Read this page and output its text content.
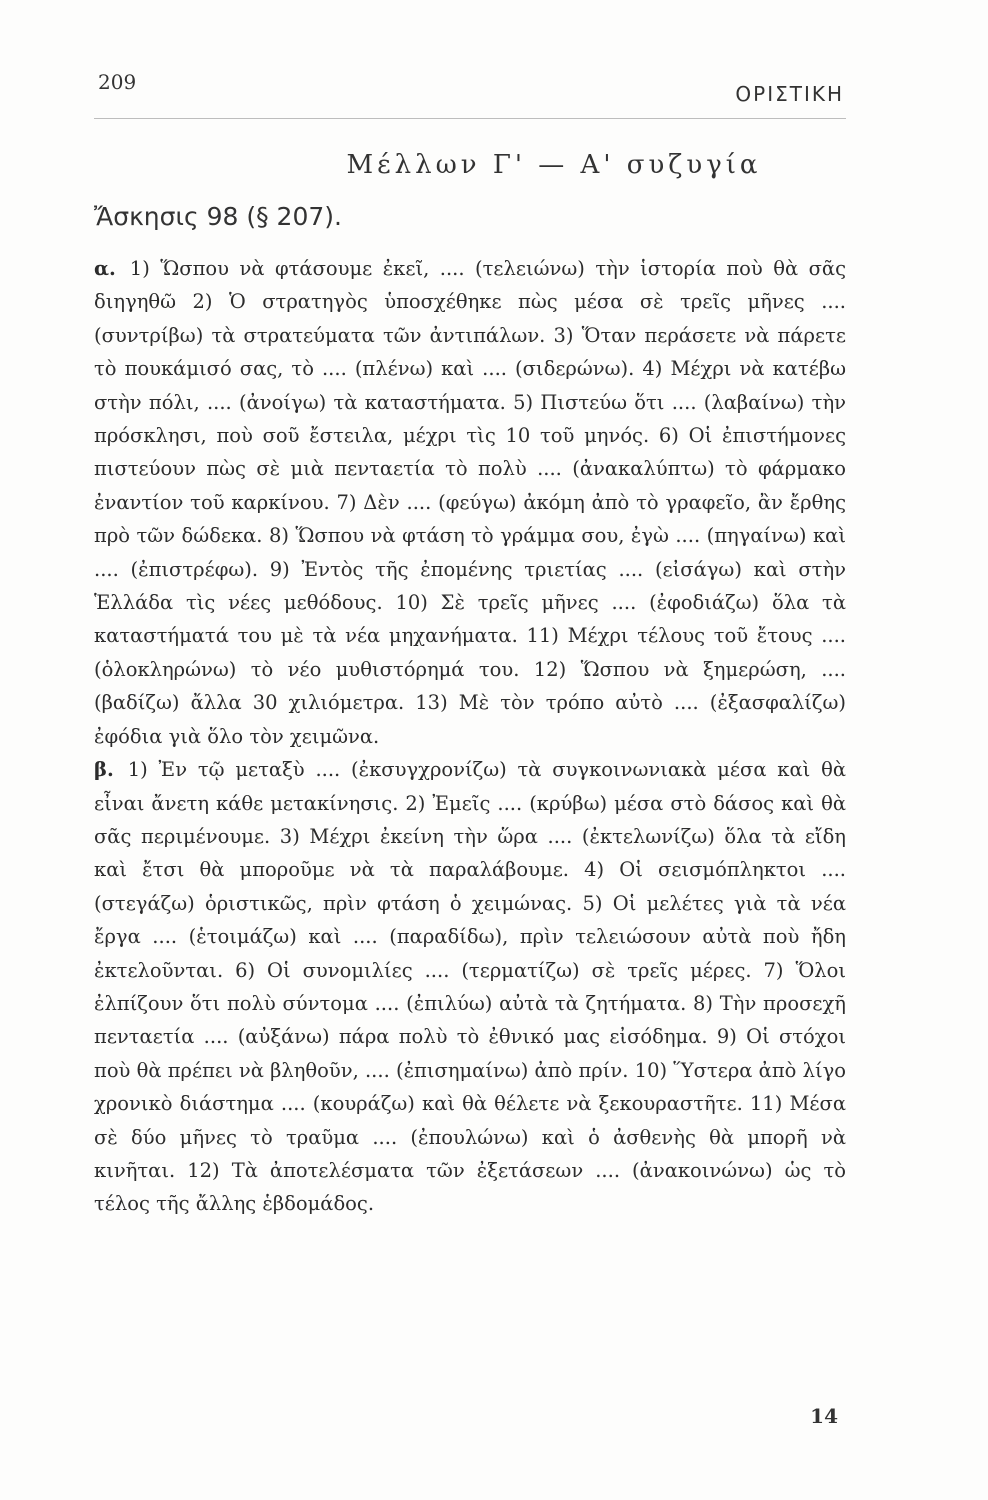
209	ΟΡΙΣΤΙΚΗ
Μέλλων Γ' — Α' συζυγία
Ἄσκησις 98 (§ 207).

α. 1) Ὥσπου νὰ φτάσουμε ἐκεῖ, .... (τελειώνω) τὴν ἱστορία ποὺ θὰ σᾶς διηγηθῶ 2) Ὁ στρατηγὸς ὑποσχέθηκε πὼς μέσα σὲ τρεῖς μῆνες .... (συντρίβω) τὰ στρατεύματα τῶν ἀντιπάλων. 3) Ὅταν περάσετε νὰ πάρετε τὸ πουκάμισό σας, τὸ .... (πλένω) καὶ .... (σιδερώνω). 4) Μέχρι νὰ κατέβω στὴν πόλι, .... (ἀνοίγω) τὰ καταστήματα. 5) Πιστεύω ὅτι .... (λαβαίνω) τὴν πρόσκλησι, ποὺ σοῦ ἔστειλα, μέχρι τὶς 10 τοῦ μηνός. 6) Οἱ ἐπιστήμονες πιστεύουν πὼς σὲ μιὰ πενταετία τὸ πολὺ .... (ἀνακαλύπτω) τὸ φάρμακο ἐναντίον τοῦ καρκίνου. 7) Δὲν .... (φεύγω) ἀκόμη ἀπὸ τὸ γραφεῖο, ἂν ἔρθης πρὸ τῶν δώδεκα. 8) Ὥσπου νὰ φτάση τὸ γράμμα σου, ἐγὼ .... (πηγαίνω) καὶ .... (ἐπιστρέφω). 9) Ἐντὸς τῆς ἐπομένης τριετίας .... (εἰσάγω) καὶ στὴν Ἑλλάδα τὶς νέες μεθόδους. 10) Σὲ τρεῖς μῆνες .... (ἐφοδιάζω) ὅλα τὰ καταστήματά του μὲ τὰ νέα μηχανήματα. 11) Μέχρι τέλους τοῦ ἔτους .... (ὁλοκληρώνω) τὸ νέο μυθιστόρημά του. 12) Ὥσπου νὰ ξημερώση, .... (βαδίζω) ἄλλα 30 χιλιόμετρα. 13) Μὲ τὸν τρόπο αὐτὸ .... (ἐξασφαλίζω) ἐφόδια γιὰ ὅλο τὸν χειμῶνα.

β. 1) Ἐν τῷ μεταξὺ .... (ἐκσυγχρονίζω) τὰ συγκοινωνιακὰ μέσα καὶ θὰ εἶναι ἄνετη κάθε μετακίνησις. 2) Ἐμεῖς .... (κρύβω) μέσα στὸ δάσος καὶ θὰ σᾶς περιμένουμε. 3) Μέχρι ἐκείνη τὴν ὥρα .... (ἐκτελωνίζω) ὅλα τὰ εἴδη καὶ ἔτσι θὰ μποροῦμε νὰ τὰ παραλάβουμε. 4) Οἱ σεισμόπληκτοι .... (στεγάζω) ὁριστικῶς, πρὶν φτάση ὁ χειμώνας. 5) Οἱ μελέτες γιὰ τὰ νέα ἔργα .... (ἑτοιμάζω) καὶ .... (παραδίδω), πρὶν τελειώσουν αὐτὰ ποὺ ἤδη ἐκτελοῦνται. 6) Οἱ συνομιλίες .... (τερματίζω) σὲ τρεῖς μέρες. 7) Ὅλοι ἐλπίζουν ὅτι πολὺ σύντομα .... (ἐπιλύω) αὐτὰ τὰ ζητήματα. 8) Τὴν προσεχῆ πενταετία .... (αὐξάνω) πάρα πολὺ τὸ ἐθνικό μας εἰσόδημα. 9) Οἱ στόχοι ποὺ θὰ πρέπει νὰ βληθοῦν, .... (ἐπισημαίνω) ἀπὸ πρίν. 10) Ὕστερα ἀπὸ λίγο χρονικὸ διάστημα .... (κουράζω) καὶ θὰ θέλετε νὰ ξεκουραστῆτε. 11) Μέσα σὲ δύο μῆνες τὸ τραῦμα .... (ἐπουλώνω) καὶ ὁ ἀσθενὴς θὰ μπορῆ νὰ κινῆται. 12) Τὰ ἀποτελέσματα τῶν ἐξετάσεων .... (ἀνακοινώνω) ὡς τὸ τέλος τῆς ἄλλης ἑβδομάδος.

14
